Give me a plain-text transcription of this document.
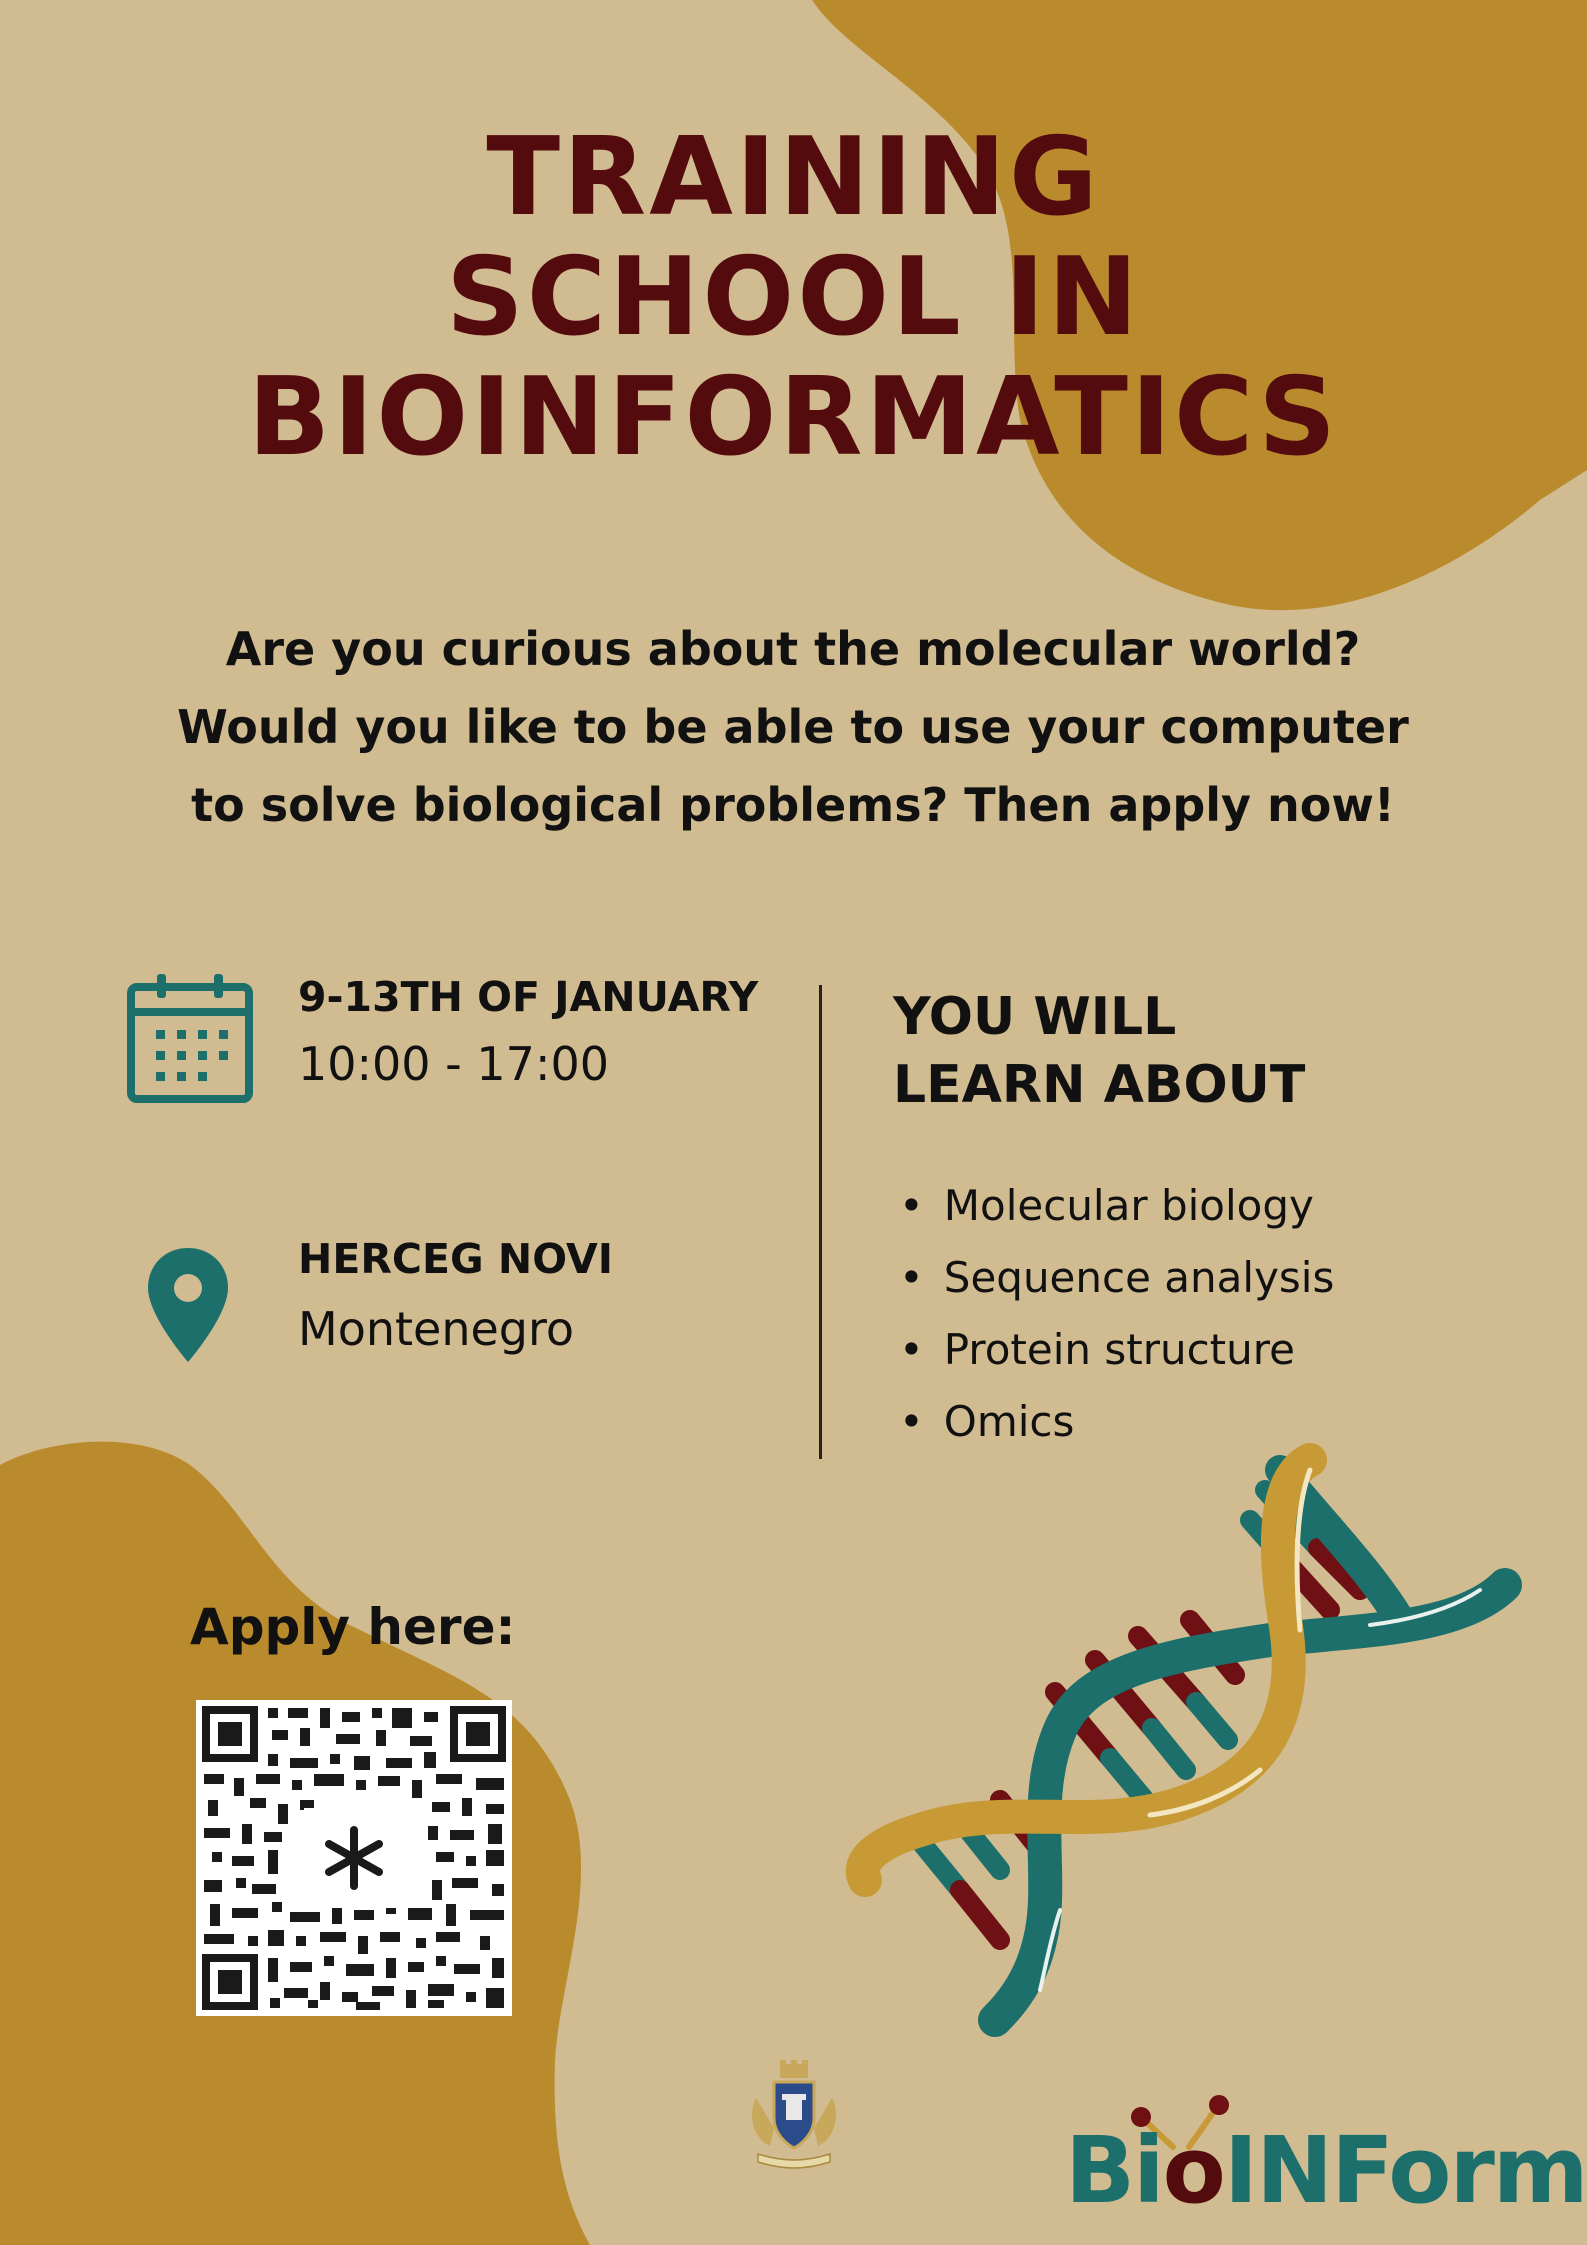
TRAINING
SCHOOL IN
BIOINFORMATICS

Are you curious about the molecular world?
Would you like to be able to use your computer
to solve biological problems? Then apply now!

9-13TH OF JANUARY
10:00 - 17:00
HERCEG NOVI
Montenegro
YOU WILL
LEARN ABOUT
• Molecular biology
• Sequence analysis
• Protein structure
• Omics
Apply here:
BioINForm
